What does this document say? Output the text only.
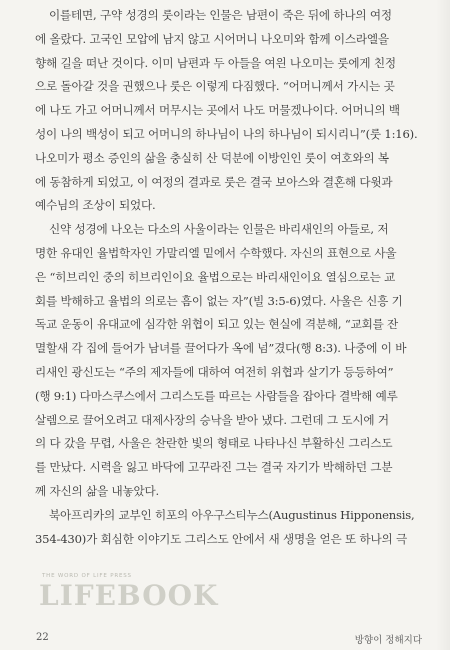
이를테면, 구약 성경의 룻이라는 인물은 남편이 죽은 뒤에 하나의 여정
에 올랐다. 고국인 모압에 남지 않고 시어머니 나오미와 함께 이스라엘을
향해 길을 떠난 것이다. 이미 남편과 두 아들을 여읜 나오미는 룻에게 친정
으로 돌아갈 것을 권했으나 룻은 이렇게 다짐했다. “어머니께서 가시는 곳
에 나도 가고 어머니께서 머무시는 곳에서 나도 머물겠나이다. 어머니의 백
성이 나의 백성이 되고 어머니의 하나님이 나의 하나님이 되시리니”(룻 1:16).
나오미가 평소 증인의 삶을 충실히 산 덕분에 이방인인 룻이 여호와의 복
에 동참하게 되었고, 이 여정의 결과로 룻은 결국 보아스와 결혼해 다윗과
예수님의 조상이 되었다.
신약 성경에 나오는 다소의 사울이라는 인물은 바리새인의 아들로, 저
명한 유대인 율법학자인 가말리엘 밑에서 수학했다. 자신의 표현으로 사울
은 “히브리인 중의 히브리인이요 율법으로는 바리새인이요 열심으로는 교
회를 박해하고 율법의 의로는 흠이 없는 자”(빌 3:5-6)였다. 사울은 신흥 기
독교 운동이 유대교에 심각한 위협이 되고 있는 현실에 격분해, “교회를 잔
멸할새 각 집에 들어가 남녀를 끌어다가 옥에 넘”겼다(행 8:3). 나중에 이 바
리새인 광신도는 “주의 제자들에 대하여 여전히 위협과 살기가 등등하여”
(행 9:1) 다마스쿠스에서 그리스도를 따르는 사람들을 잡아다 결박해 예루
살렘으로 끌어오려고 대제사장의 승낙을 받아 냈다. 그런데 그 도시에 거
의 다 갔을 무렵, 사울은 찬란한 빛의 형태로 나타나신 부활하신 그리스도
를 만났다. 시력을 잃고 바닥에 고꾸라진 그는 결국 자기가 박해하던 그분
께 자신의 삶을 내놓았다.
북아프리카의 교부인 히포의 아우구스티누스(Augustinus Hipponensis,
354-430)가 회심한 이야기도 그리스도 안에서 새 생명을 얻은 또 하나의 극
THE WORD OF LIFE PRESS
LIFEBOOK
22	방향이 정해지다
